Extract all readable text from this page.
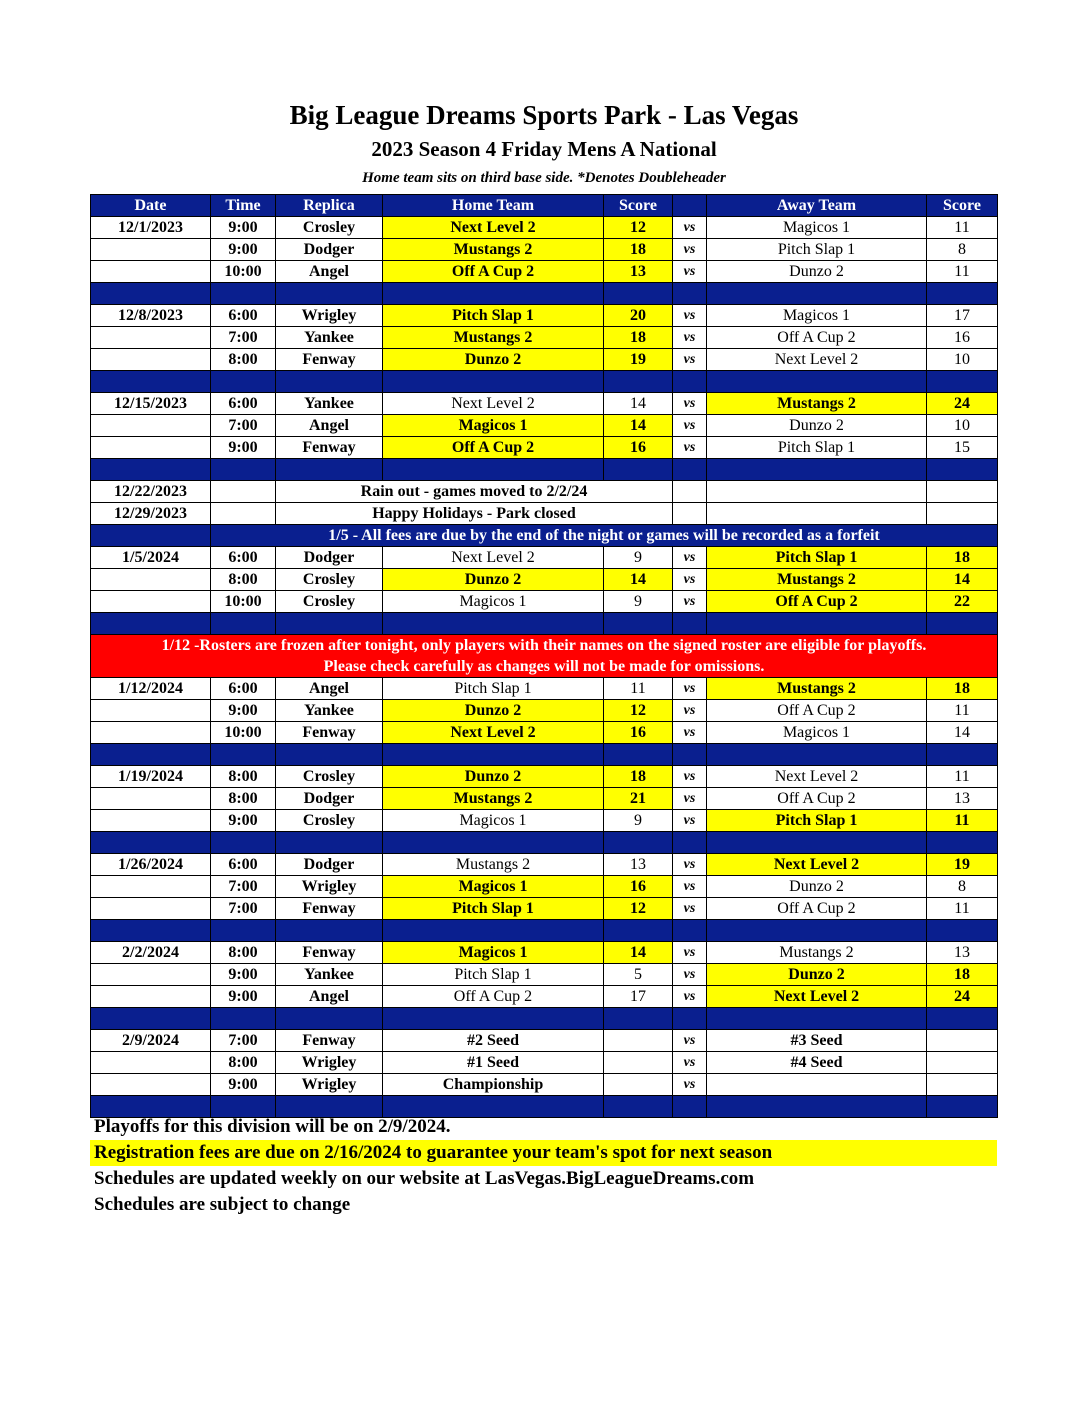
Big League Dreams Sports Park - Las Vegas
2023 Season 4 Friday Mens A National
Home team sits on third base side. *Denotes Doubleheader
Date	Time	Replica	Home Team	Score		Away Team	Score
12/1/2023	9:00	Crosley	Next Level 2	12	vs	Magicos 1	11
	9:00	Dodger	Mustangs 2	18	vs	Pitch Slap 1	8
	10:00	Angel	Off A Cup 2	13	vs	Dunzo 2	11

12/8/2023	6:00	Wrigley	Pitch Slap 1	20	vs	Magicos 1	17
	7:00	Yankee	Mustangs 2	18	vs	Off A Cup 2	16
	8:00	Fenway	Dunzo 2	19	vs	Next Level 2	10

12/15/2023	6:00	Yankee	Next Level 2	14	vs	Mustangs 2	24
	7:00	Angel	Magicos 1	14	vs	Dunzo 2	10
	9:00	Fenway	Off A Cup 2	16	vs	Pitch Slap 1	15

12/22/2023		Rain out - games moved to 2/2/24					
12/29/2023		Happy Holidays - Park closed					
	1/5 - All fees are due by the end of the night or games will be recorded as a forfeit						
1/5/2024	6:00	Dodger	Next Level 2	9	vs	Pitch Slap 1	18
	8:00	Crosley	Dunzo 2	14	vs	Mustangs 2	14
	10:00	Crosley	Magicos 1	9	vs	Off A Cup 2	22

1/12 -Rosters are frozen after tonight, only players with their names on the signed roster are eligible for playoffs.
Please check carefully as changes will not be made for omissions.							

1/12/2024	6:00	Angel	Pitch Slap 1	11	vs	Mustangs 2	18
	9:00	Yankee	Dunzo 2	12	vs	Off A Cup 2	11
	10:00	Fenway	Next Level 2	16	vs	Magicos 1	14

1/19/2024	8:00	Crosley	Dunzo 2	18	vs	Next Level 2	11
	8:00	Dodger	Mustangs 2	21	vs	Off A Cup 2	13
	9:00	Crosley	Magicos 1	9	vs	Pitch Slap 1	11

1/26/2024	6:00	Dodger	Mustangs 2	13	vs	Next Level 2	19
	7:00	Wrigley	Magicos 1	16	vs	Dunzo 2	8
	7:00	Fenway	Pitch Slap 1	12	vs	Off A Cup 2	11

2/2/2024	8:00	Fenway	Magicos 1	14	vs	Mustangs 2	13
	9:00	Yankee	Pitch Slap 1	5	vs	Dunzo 2	18
	9:00	Angel	Off A Cup 2	17	vs	Next Level 2	24

2/9/2024	7:00	Fenway	#2 Seed		vs	#3 Seed	
	8:00	Wrigley	#1 Seed		vs	#4 Seed	
	9:00	Wrigley	Championship		vs		

Playoffs for this division will be on 2/9/2024.
Registration fees are due on 2/16/2024 to guarantee your team's spot for next season
Schedules are updated weekly on our website at LasVegas.BigLeagueDreams.com
Schedules are subject to change
